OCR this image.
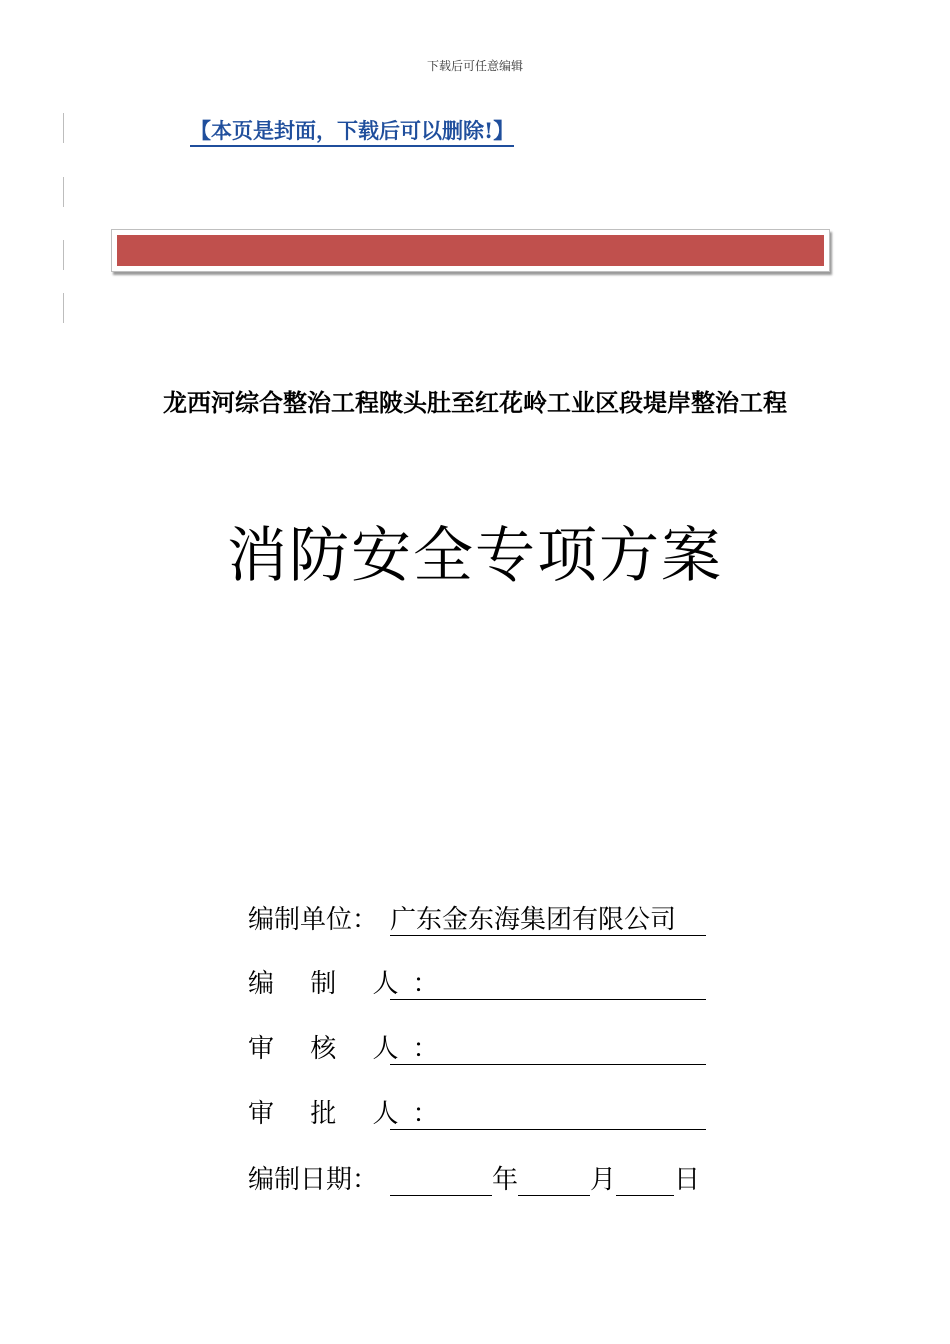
下载后可任意编辑
【本页是封面，下载后可以删除!】
龙西河综合整治工程陂头肚至红花岭工业区段堤岸整治工程
消防安全专项方案
编制单位： 广东金东海集团有限公司
编 制 人：
审 核 人：
审 批 人：
编制日期：	年	月 日
